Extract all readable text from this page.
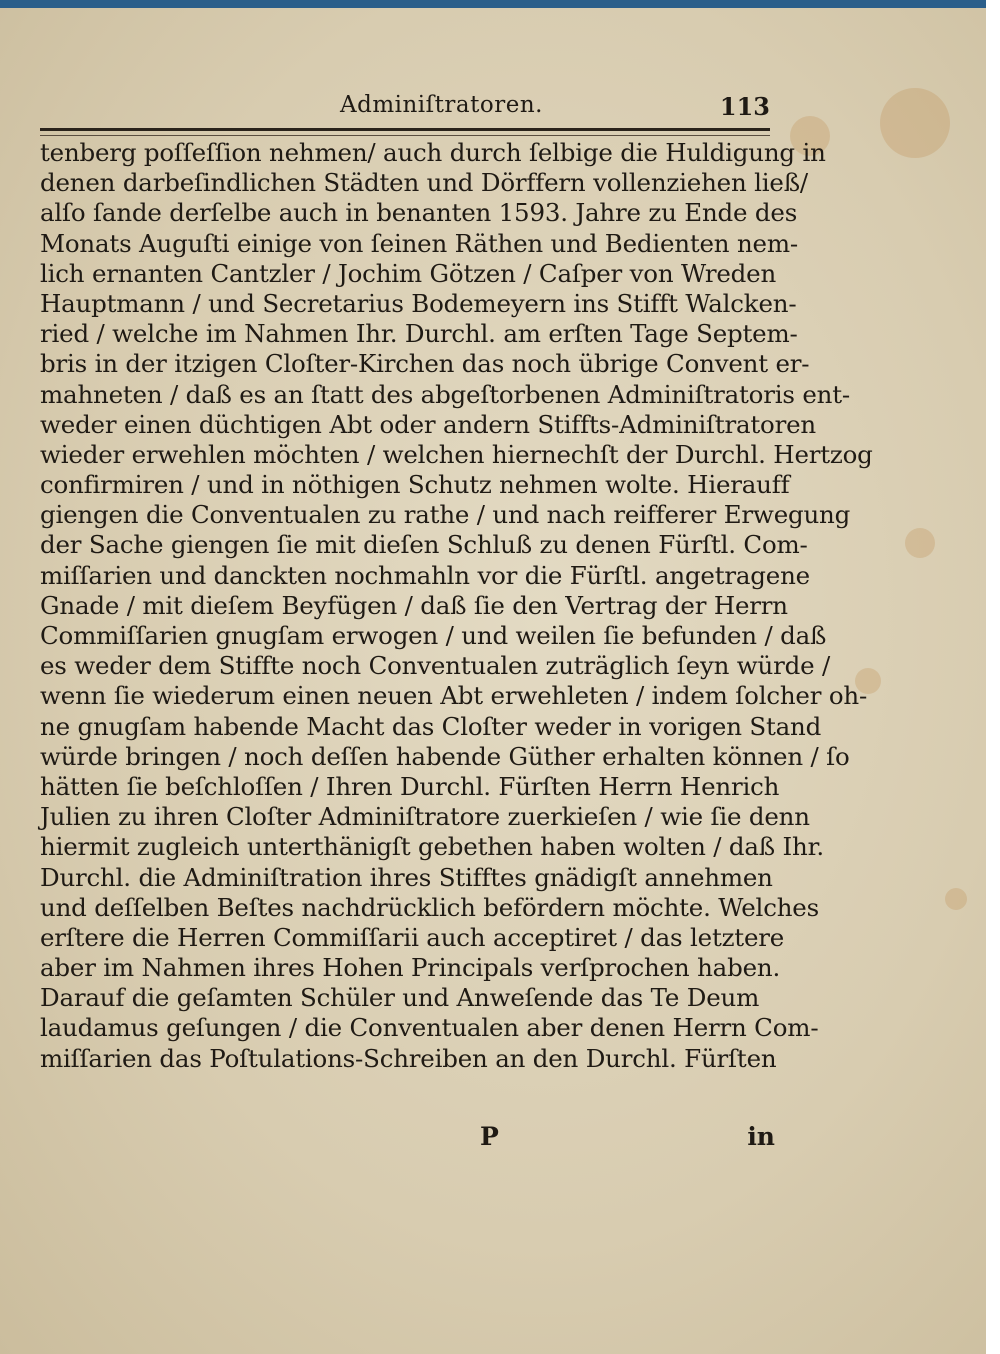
Adminiſtratoren.	113
tenberg poſſeſſion nehmen/ auch durch ſelbige die Huldigung in
denen darbeſindlichen Städten und Dörffern vollenziehen ließ/
alſo ſande derſelbe auch in benanten 1593. Jahre zu Ende des
Monats Auguſti einige von ſeinen Räthen und Bedienten nem-
lich ernanten Cantzler / Jochim Götzen / Caſper von Wreden
Hauptmann / und Secretarius Bodemeyern ins Stifft Walcken-
ried / welche im Nahmen Ihr. Durchl. am erſten Tage Septem-
bris in der itzigen Cloſter-Kirchen das noch übrige Convent er-
mahneten / daß es an ſtatt des abgeſtorbenen Adminiſtratoris ent-
weder einen düchtigen Abt oder andern Stiffts-Adminiſtratoren
wieder erwehlen möchten / welchen hiernechſt der Durchl. Hertzog
confirmiren / und in nöthigen Schutz nehmen wolte. Hierauff
giengen die Conventualen zu rathe / und nach reifferer Erwegung
der Sache giengen ſie mit dieſen Schluß zu denen Fürſtl. Com-
miſſarien und danckten nochmahln vor die Fürſtl. angetragene
Gnade / mit dieſem Beyfügen / daß ſie den Vertrag der Herrn
Commiſſarien gnugſam erwogen / und weilen ſie befunden / daß
es weder dem Stiffte noch Conventualen zuträglich ſeyn würde /
wenn ſie wiederum einen neuen Abt erwehleten / indem ſolcher oh-
ne gnugſam habende Macht das Cloſter weder in vorigen Stand
würde bringen / noch deſſen habende Güther erhalten können / ſo
hätten ſie beſchloſſen / Ihren Durchl. Fürſten Herrn Henrich
Julien zu ihren Cloſter Adminiſtratore zuerkieſen / wie ſie denn
hiermit zugleich unterthänigſt gebethen haben wolten / daß Ihr.
Durchl. die Adminiſtration ihres Stifftes gnädigſt annehmen
und deſſelben Beſtes nachdrücklich befördern möchte. Welches
erſtere die Herren Commiſſarii auch acceptiret / das letztere
aber im Nahmen ihres Hohen Principals verſprochen haben.
Darauf die geſamten Schüler und Anweſende das Te Deum
laudamus geſungen / die Conventualen aber denen Herrn Com-
miſſarien das Poſtulations-Schreiben an den Durchl. Fürſten
P	in
